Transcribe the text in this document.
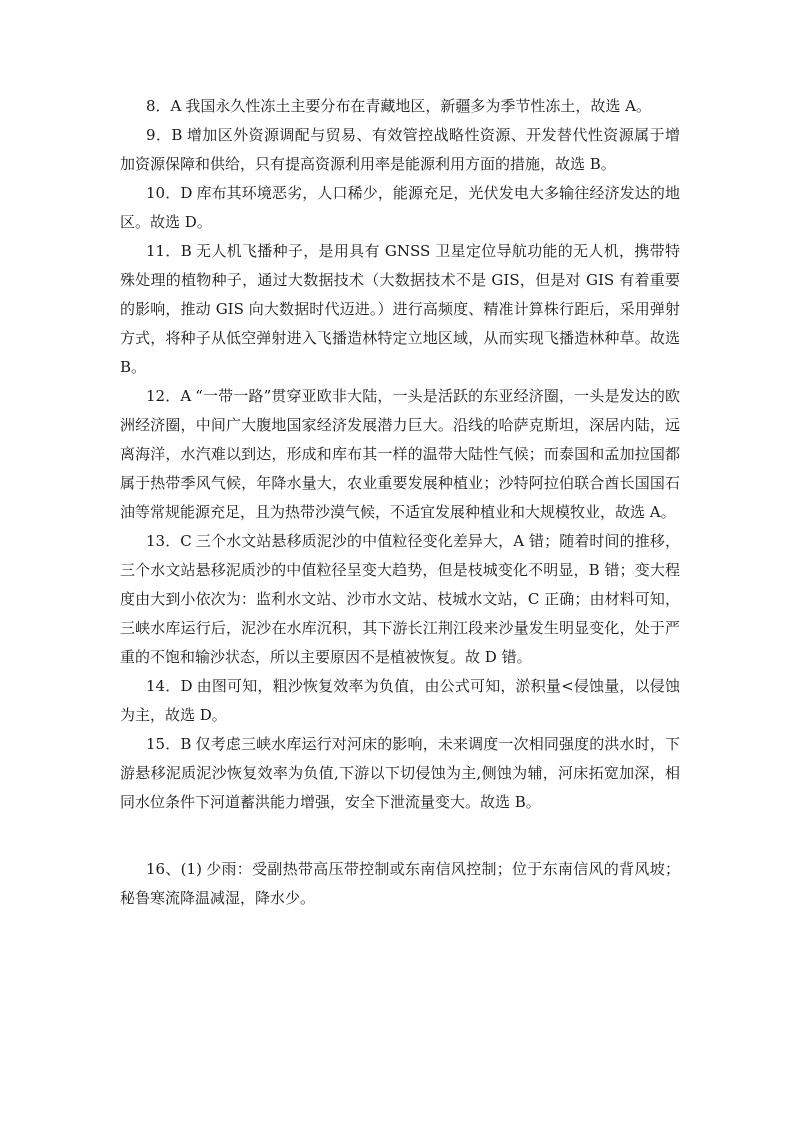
8．A 我国永久性冻土主要分布在青藏地区，新疆多为季节性冻土，故选 A。

9．B 增加区外资源调配与贸易、有效管控战略性资源、开发替代性资源属于增加资源保障和供给，只有提高资源利用率是能源利用方面的措施，故选 B。

10．D 库布其环境恶劣，人口稀少，能源充足，光伏发电大多输往经济发达的地区。故选 D。

11．B 无人机飞播种子，是用具有 GNSS 卫星定位导航功能的无人机，携带特殊处理的植物种子，通过大数据技术（大数据技术不是 GIS，但是对 GIS 有着重要的影响，推动 GIS 向大数据时代迈进。）进行高频度、精准计算株行距后，采用弹射方式，将种子从低空弹射进入飞播造林特定立地区域，从而实现飞播造林种草。故选 B。

12．A “一带一路”贯穿亚欧非大陆，一头是活跃的东亚经济圈，一头是发达的欧洲经济圈，中间广大腹地国家经济发展潜力巨大。沿线的哈萨克斯坦，深居内陆，远离海洋，水汽难以到达，形成和库布其一样的温带大陆性气候；而泰国和孟加拉国都属于热带季风气候，年降水量大，农业重要发展种植业；沙特阿拉伯联合酋长国国石油等常规能源充足，且为热带沙漠气候，不适宜发展种植业和大规模牧业，故选 A。

13．C 三个水文站悬移质泥沙的中值粒径变化差异大，A 错；随着时间的推移，三个水文站悬移泥质沙的中值粒径呈变大趋势，但是枝城变化不明显，B 错；变大程度由大到小依次为：监利水文站、沙市水文站、枝城水文站，C 正确；由材料可知，三峡水库运行后，泥沙在水库沉积，其下游长江荆江段来沙量发生明显变化，处于严重的不饱和输沙状态，所以主要原因不是植被恢复。故 D 错。

14．D 由图可知，粗沙恢复效率为负值，由公式可知，淤积量<侵蚀量，以侵蚀为主，故选 D。

15．B 仅考虑三峡水库运行对河床的影响，未来调度一次相同强度的洪水时，下游悬移泥质泥沙恢复效率为负值,下游以下切侵蚀为主,侧蚀为辅，河床拓宽加深，相同水位条件下河道蓄洪能力增强，安全下泄流量变大。故选 B。

16、(1) 少雨：受副热带高压带控制或东南信风控制；位于东南信风的背风坡；秘鲁寒流降温减湿，降水少。
